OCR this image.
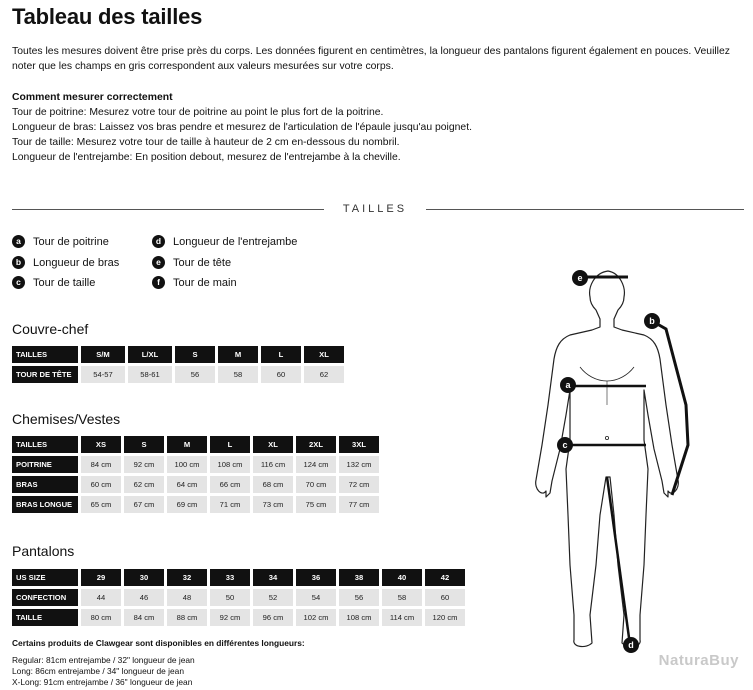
Tableau des tailles

Toutes les mesures doivent être prise près du corps. Les données figurent en centimètres, la longueur des pantalons figurent également en pouces. Veuillez noter que les champs en gris correspondent aux valeurs mesurées sur votre corps.

Comment mesurer correctement
Tour de poitrine: Mesurez votre tour de poitrine au point le plus fort de la poitrine.
Longueur de bras: Laissez vos bras pendre et mesurez de l'articulation de l'épaule jusqu'au poignet.
Tour de taille: Mesurez votre tour de taille à hauteur de 2 cm en-dessous du nombril.
Longueur de l'entrejambe: En position debout, mesurez de l'entrejambe à la cheville.
TAILLES
a	Tour de poitrine
b	Longueur de bras
c	Tour de taille
d	Longueur de l'entrejambe
e	Tour de tête
f	Tour de main
Couvre-chef
TAILLES	S/M	L/XL	S	M	L	XL
TOUR DE TÊTE	54-57	58-61	56	58	60	62
Chemises/Vestes
TAILLES	XS	S	M	L	XL	2XL	3XL
POITRINE	84 cm	92 cm	100 cm	108 cm	116 cm	124 cm	132 cm
BRAS	60 cm	62 cm	64 cm	66 cm	68 cm	70 cm	72 cm
BRAS LONGUE	65 cm	67 cm	69 cm	71 cm	73 cm	75 cm	77 cm
Pantalons
US SIZE	29	30	32	33	34	36	38	40	42
CONFECTION	44	46	48	50	52	54	56	58	60
TAILLE	80 cm	84 cm	88 cm	92 cm	96 cm	102 cm	108 cm	114 cm	120 cm
Certains produits de Clawgear sont disponibles en différentes longueurs:
Regular: 81cm entrejambe / 32" longueur de jean
Long: 86cm entrejambe / 34" longueur de jean
X-Long: 91cm entrejambe / 36" longueur de jean
e
b
a
c
d
NaturaBuy
